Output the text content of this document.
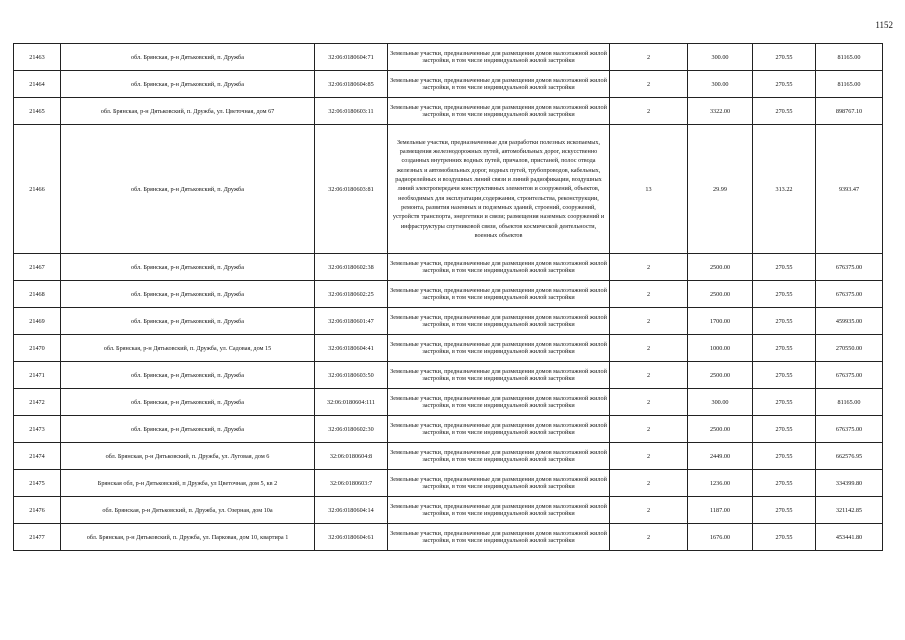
1152
21463	обл. Брянская, р-н Дятьковский, п. Дружба	32:06:0180604:71	Земельные участки, предназначенные для размещения домов малоэтажной жилой застройки, в том числе индивидуальной жилой застройки	2	300.00	270.55	81165.00
21464	обл. Брянская, р-н Дятьковский, п. Дружба	32:06:0180604:85	Земельные участки, предназначенные для размещения домов малоэтажной жилой застройки, в том числе индивидуальной жилой застройки	2	300.00	270.55	81165.00
21465	обл. Брянская, р-н Дятьковский, п. Дружба, ул. Цветочная, дом 67	32:06:0180603:11	Земельные участки, предназначенные для размещения домов малоэтажной жилой застройки, в том числе индивидуальной жилой застройки	2	3322.00	270.55	898767.10
21466	обл. Брянская, р-н Дятьковский, п. Дружба	32:06:0180603:81	Земельные участки, предназначенные для разработки полезных ископаемых, размещения железнодорожных путей, автомобильных дорог, искусственно созданных внутренних водных путей, причалов, пристаней, полос отвода железных и автомобильных дорог, водных путей, трубопроводов, кабельных, радиорелейных и воздушных линий связи и линий радиофикации, воздушных линий электропередачи конструктивных элементов и сооружений, объектов, необходимых для эксплуатации,содержания, строительства, реконструкции, ремонта, развития наземных и подземных зданий, строений, сооружений, устройств транспорта, энергетики и связи; размещения наземных сооружений и инфраструктуры спутниковой связи, объектов космической деятельности, военных объектов	13	29.99	313.22	9393.47
21467	обл. Брянская, р-н Дятьковский, п. Дружба	32:06:0180602:38	Земельные участки, предназначенные для размещения домов малоэтажной жилой застройки, в том числе индивидуальной жилой застройки	2	2500.00	270.55	676375.00
21468	обл. Брянская, р-н Дятьковский, п. Дружба	32:06:0180602:25	Земельные участки, предназначенные для размещения домов малоэтажной жилой застройки, в том числе индивидуальной жилой застройки	2	2500.00	270.55	676375.00
21469	обл. Брянская, р-н Дятьковский, п. Дружба	32:06:0180601:47	Земельные участки, предназначенные для размещения домов малоэтажной жилой застройки, в том числе индивидуальной жилой застройки	2	1700.00	270.55	459935.00
21470	обл. Брянская, р-н Дятьковский, п. Дружба, ул. Садовая, дом 15	32:06:0180604:41	Земельные участки, предназначенные для размещения домов малоэтажной жилой застройки, в том числе индивидуальной жилой застройки	2	1000.00	270.55	270550.00
21471	обл. Брянская, р-н Дятьковский, п. Дружба	32:06:0180603:50	Земельные участки, предназначенные для размещения домов малоэтажной жилой застройки, в том числе индивидуальной жилой застройки	2	2500.00	270.55	676375.00
21472	обл. Брянская, р-н Дятьковский, п. Дружба	32:06:0180604:111	Земельные участки, предназначенные для размещения домов малоэтажной жилой застройки, в том числе индивидуальной жилой застройки	2	300.00	270.55	81165.00
21473	обл. Брянская, р-н Дятьковский, п. Дружба	32:06:0180602:30	Земельные участки, предназначенные для размещения домов малоэтажной жилой застройки, в том числе индивидуальной жилой застройки	2	2500.00	270.55	676375.00
21474	обл. Брянская, р-н Дятьковский, п. Дружба, ул. Луговая, дом 6	32:06:0180604:8	Земельные участки, предназначенные для размещения домов малоэтажной жилой застройки, в том числе индивидуальной жилой застройки	2	2449.00	270.55	662576.95
21475	Брянская обл, р-н Дятьковский, п Дружба, ул Цветочная, дом 5, кв 2	32:06:0180603:7	Земельные участки, предназначенные для размещения домов малоэтажной жилой застройки, в том числе индивидуальной жилой застройки	2	1236.00	270.55	334399.80
21476	обл. Брянская, р-н Дятьковский, п. Дружба, ул. Озерная, дом 10а	32:06:0180604:14	Земельные участки, предназначенные для размещения домов малоэтажной жилой застройки, в том числе индивидуальной жилой застройки	2	1187.00	270.55	321142.85
21477	обл. Брянская, р-н Дятьковский, п. Дружба, ул. Парковая, дом 10, квартира 1	32:06:0180604:61	Земельные участки, предназначенные для размещения домов малоэтажной жилой застройки, в том числе индивидуальной жилой застройки	2	1676.00	270.55	453441.80
